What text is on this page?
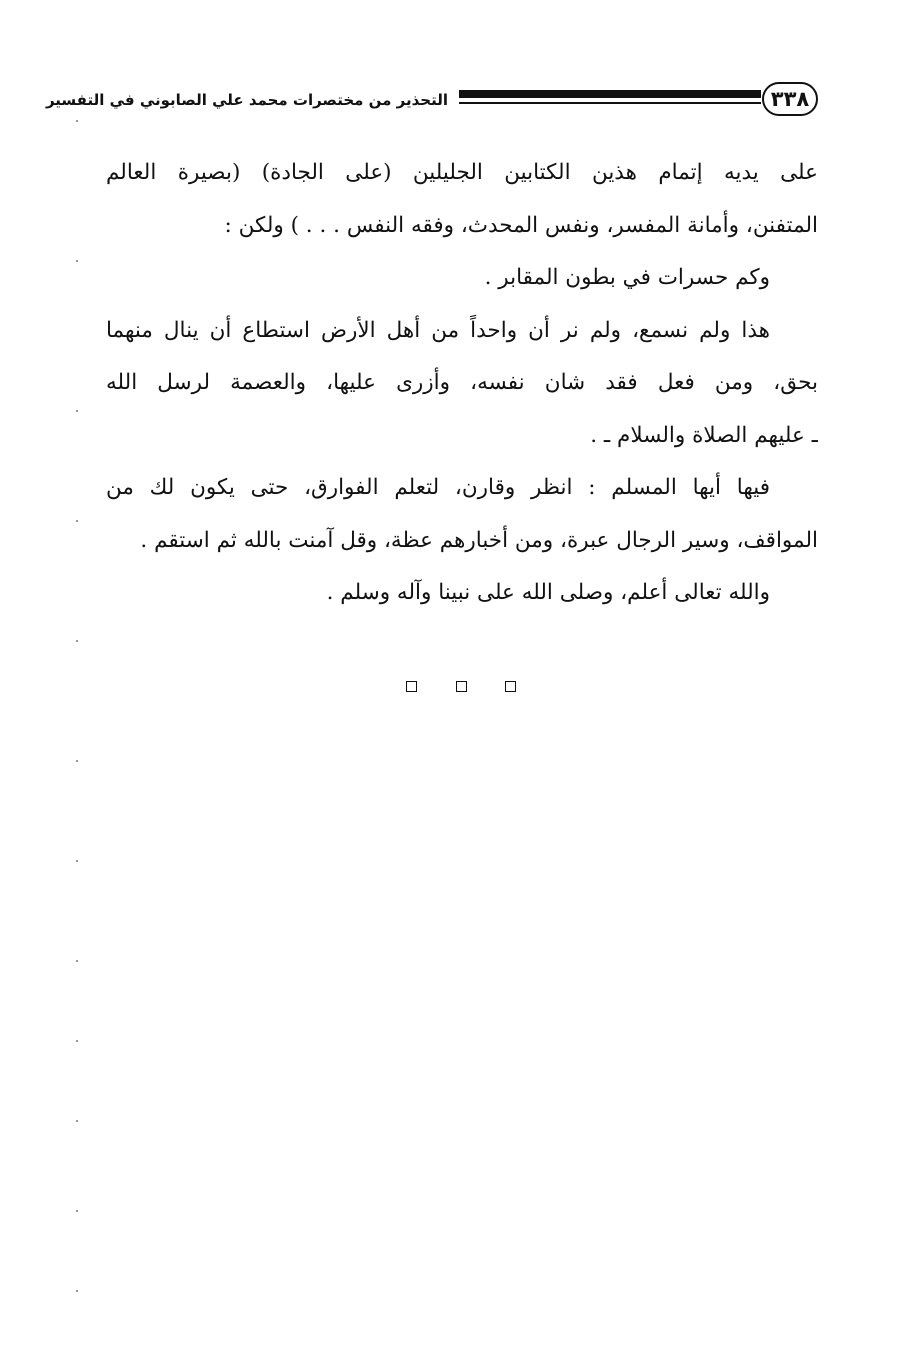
٣٣٨
التحذير من مختصرات محمد علي الصابوني في التفسير
على يديه إتمام هذين الكتابين الجليلين (على الجادة) (بصيرة العالم
المتفنن، وأمانة المفسر، ونفس المحدث، وفقه النفس . . . ) ولكن :
وكم حسرات في بطون المقابر .
هذا ولم نسمع، ولم نر أن واحداً من أهل الأرض استطاع أن ينال منهما
بحق، ومن فعل فقد شان نفسه، وأزرى عليها، والعصمة لرسل الله
ـ عليهم الصلاة والسلام ـ .
فيها أيها المسلم : انظر وقارن، لتعلم الفوارق، حتى يكون لك من
المواقف، وسير الرجال عبرة، ومن أخبارهم عظة، وقل آمنت بالله ثم استقم .
والله تعالى أعلم، وصلى الله على نبينا وآله وسلم .
